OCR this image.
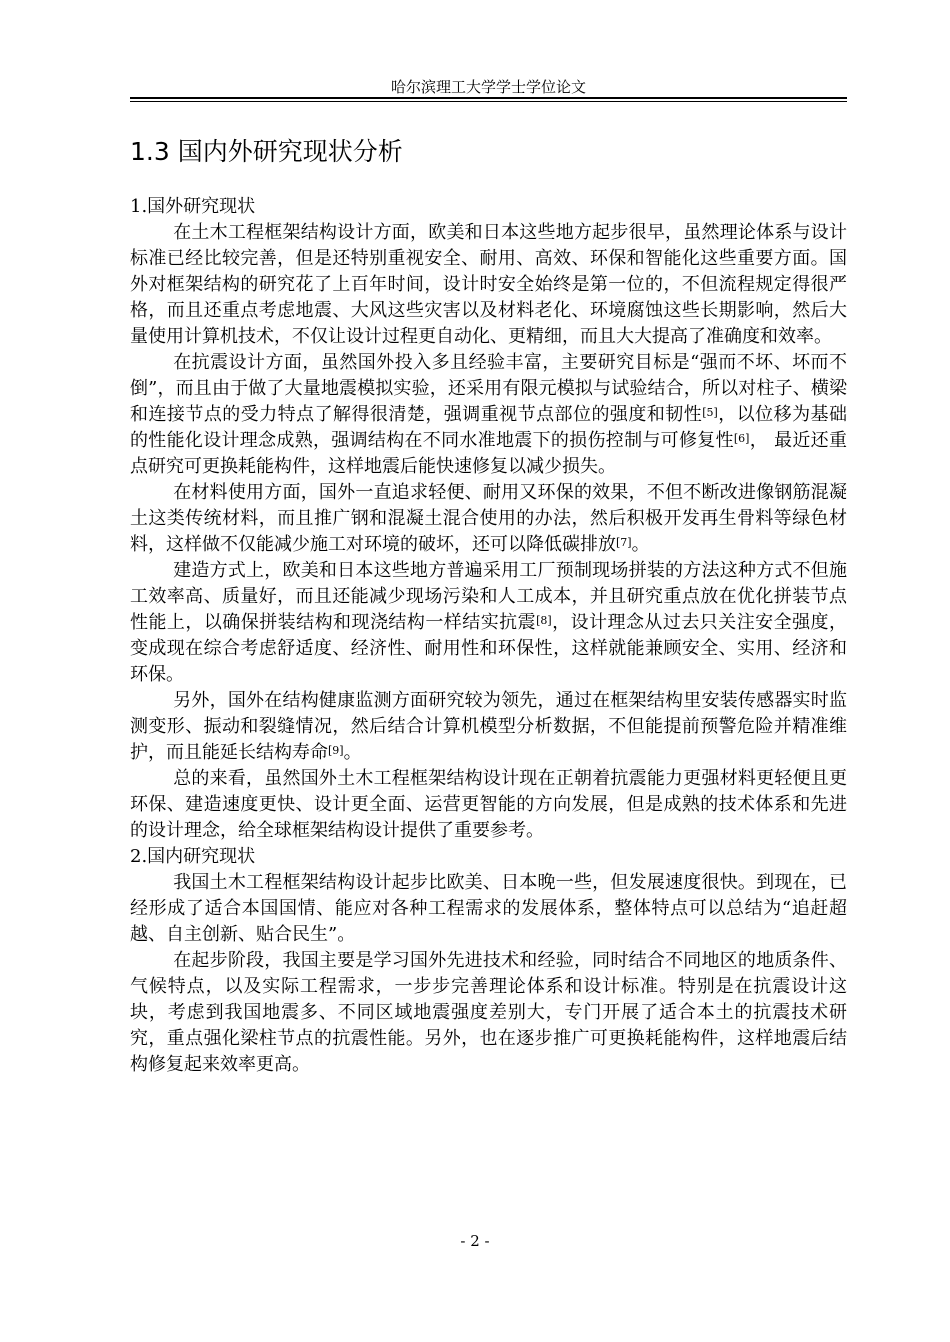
哈尔滨理工大学学士学位论文
1.3 国内外研究现状分析

1.国外研究现状

在土木工程框架结构设计方面，欧美和日本这些地方起步很早，虽然理论体系与设计标准已经比较完善，但是还特别重视安全、耐用、高效、环保和智能化这些重要方面。国外对框架结构的研究花了上百年时间，设计时安全始终是第一位的，不但流程规定得很严格，而且还重点考虑地震、大风这些灾害以及材料老化、环境腐蚀这些长期影响，然后大量使用计算机技术，不仅让设计过程更自动化、更精细，而且大大提高了准确度和效率。

在抗震设计方面，虽然国外投入多且经验丰富，主要研究目标是“强而不坏、坏而不倒”，而且由于做了大量地震模拟实验，还采用有限元模拟与试验结合，所以对柱子、横梁和连接节点的受力特点了解得很清楚，强调重视节点部位的强度和韧性[5]，以位移为基础的性能化设计理念成熟，强调结构在不同水准地震下的损伤控制与可修复性[6]， 最近还重点研究可更换耗能构件，这样地震后能快速修复以减少损失。

在材料使用方面，国外一直追求轻便、耐用又环保的效果，不但不断改进像钢筋混凝土这类传统材料，而且推广钢和混凝土混合使用的办法，然后积极开发再生骨料等绿色材料，这样做不仅能减少施工对环境的破坏，还可以降低碳排放[7]。

建造方式上，欧美和日本这些地方普遍采用工厂预制现场拼装的方法这种方式不但施工效率高、质量好，而且还能减少现场污染和人工成本，并且研究重点放在优化拼装节点性能上，以确保拼装结构和现浇结构一样结实抗震[8]，设计理念从过去只关注安全强度，变成现在综合考虑舒适度、经济性、耐用性和环保性，这样就能兼顾安全、实用、经济和环保。

另外，国外在结构健康监测方面研究较为领先，通过在框架结构里安装传感器实时监测变形、振动和裂缝情况，然后结合计算机模型分析数据，不但能提前预警危险并精准维护，而且能延长结构寿命[9]。

总的来看，虽然国外土木工程框架结构设计现在正朝着抗震能力更强材料更轻便且更环保、建造速度更快、设计更全面、运营更智能的方向发展，但是成熟的技术体系和先进的设计理念，给全球框架结构设计提供了重要参考。

2.国内研究现状

我国土木工程框架结构设计起步比欧美、日本晚一些，但发展速度很快。到现在，已经形成了适合本国国情、能应对各种工程需求的发展体系，整体特点可以总结为“追赶超越、自主创新、贴合民生”。

在起步阶段，我国主要是学习国外先进技术和经验，同时结合不同地区的地质条件、气候特点，以及实际工程需求，一步步完善理论体系和设计标准。特别是在抗震设计这块，考虑到我国地震多、不同区域地震强度差别大，专门开展了适合本土的抗震技术研究，重点强化梁柱节点的抗震性能。另外，也在逐步推广可更换耗能构件，这样地震后结构修复起来效率更高。

- 2 -
